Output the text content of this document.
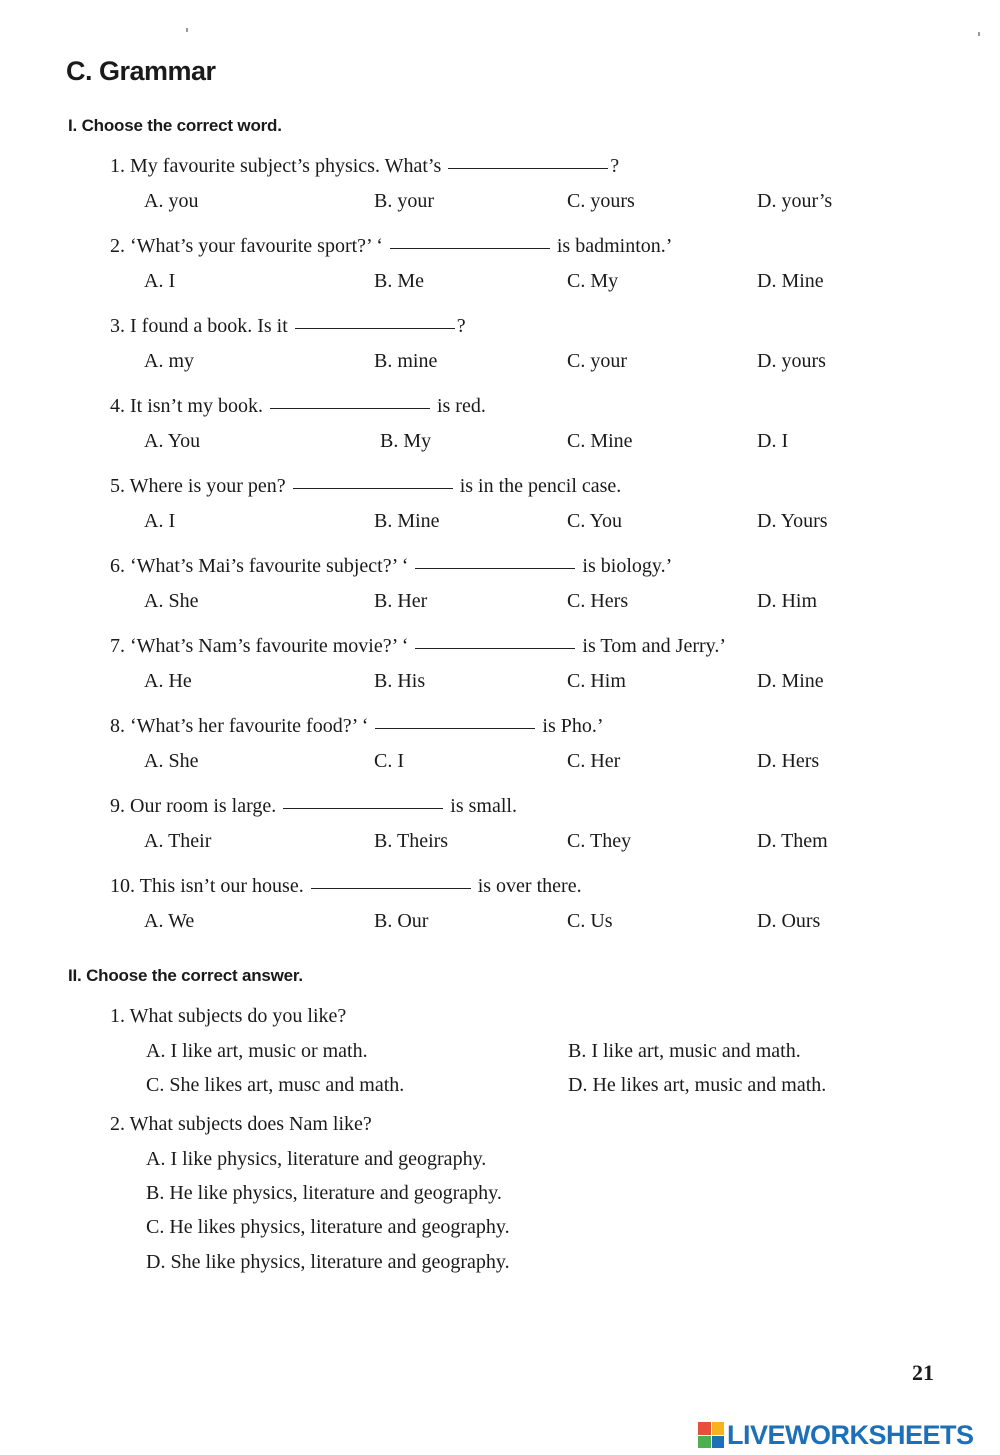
C. Grammar
I. Choose the correct word.
1. My favourite subject’s physics. What’s	?
A. you	B. your	C. yours	D. your’s
2. ‘What’s your favourite sport?’ ‘	is badminton.’
A. I	B. Me	C. My	D. Mine
3. I found a book. Is it	?
A. my	B. mine	C. your	D. yours
4. It isn’t my book.	is red.
A. You	B. My	C. Mine	D. I
5. Where is your pen?	is in the pencil case.
A. I	B. Mine	C. You	D. Yours
6. ‘What’s Mai’s favourite subject?’ ‘	is biology.’
A. She	B. Her	C. Hers	D. Him
7. ‘What’s Nam’s favourite movie?’ ‘	is Tom and Jerry.’
A. He	B. His	C. Him	D. Mine
8. ‘What’s her favourite food?’ ‘	is Pho.’
A. She	C. I	C. Her	D. Hers
9. Our room is large.	is small.
A. Their	B. Theirs	C. They	D. Them
10. This isn’t our house.	is over there.
A. We	B. Our	C. Us	D. Ours
II. Choose the correct answer.
1. What subjects do you like?
A. I like art, music or math.	B. I like art, music and math.
C. She likes art, musc and math.	D. He likes art, music and math.
2. What subjects does Nam like?
A. I like physics, literature and geography.
B. He like physics, literature and geography.
C. He likes physics, literature and geography.
D. She like physics, literature and geography.
21
LIVEWORKSHEETS
